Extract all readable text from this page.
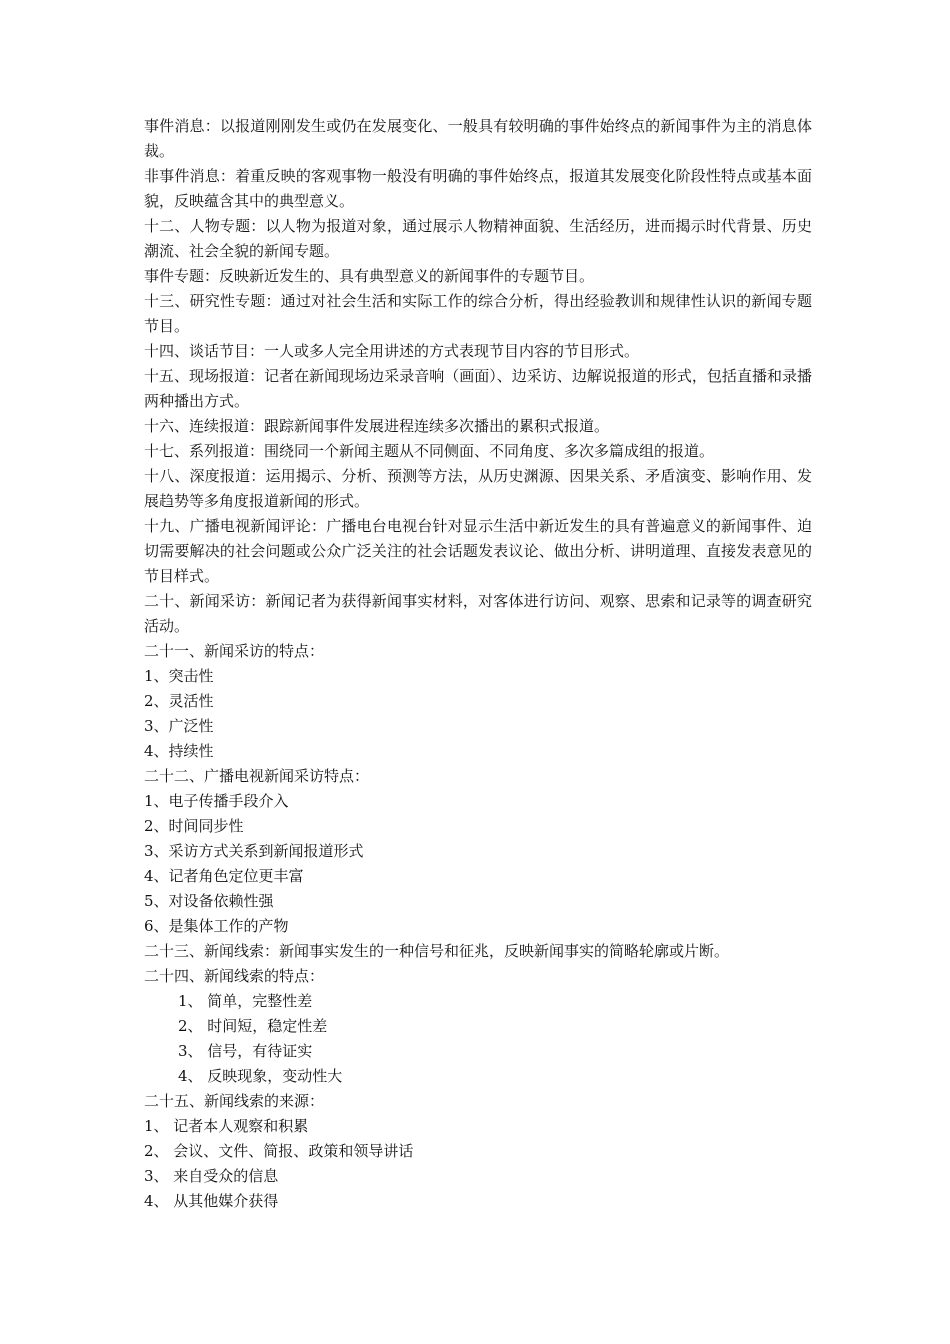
事件消息：以报道刚刚发生或仍在发展变化、一般具有较明确的事件始终点的新闻事件为主的消息体裁。

非事件消息：着重反映的客观事物一般没有明确的事件始终点，报道其发展变化阶段性特点或基本面貌，反映蕴含其中的典型意义。

十二、人物专题：以人物为报道对象，通过展示人物精神面貌、生活经历，进而揭示时代背景、历史潮流、社会全貌的新闻专题。

事件专题：反映新近发生的、具有典型意义的新闻事件的专题节目。

十三、研究性专题：通过对社会生活和实际工作的综合分析，得出经验教训和规律性认识的新闻专题节目。

十四、谈话节目：一人或多人完全用讲述的方式表现节目内容的节目形式。

十五、现场报道：记者在新闻现场边采录音响（画面）、边采访、边解说报道的形式，包括直播和录播两种播出方式。

十六、连续报道：跟踪新闻事件发展进程连续多次播出的累积式报道。

十七、系列报道：围绕同一个新闻主题从不同侧面、不同角度、多次多篇成组的报道。

十八、深度报道：运用揭示、分析、预测等方法，从历史渊源、因果关系、矛盾演变、影响作用、发展趋势等多角度报道新闻的形式。

十九、广播电视新闻评论：广播电台电视台针对显示生活中新近发生的具有普遍意义的新闻事件、迫切需要解决的社会问题或公众广泛关注的社会话题发表议论、做出分析、讲明道理、直接发表意见的节目样式。

二十、新闻采访：新闻记者为获得新闻事实材料，对客体进行访问、观察、思索和记录等的调查研究活动。

二十一、新闻采访的特点：

1、突击性

2、灵活性

3、广泛性

4、持续性

二十二、广播电视新闻采访特点：

1、电子传播手段介入

2、时间同步性

3、采访方式关系到新闻报道形式

4、记者角色定位更丰富

5、对设备依赖性强

6、是集体工作的产物

二十三、新闻线索：新闻事实发生的一种信号和征兆，反映新闻事实的简略轮廓或片断。

二十四、新闻线索的特点：

1、 简单，完整性差

2、 时间短，稳定性差

3、 信号，有待证实

4、 反映现象，变动性大

二十五、新闻线索的来源：

1、 记者本人观察和积累

2、 会议、文件、简报、政策和领导讲话

3、 来自受众的信息

4、 从其他媒介获得
